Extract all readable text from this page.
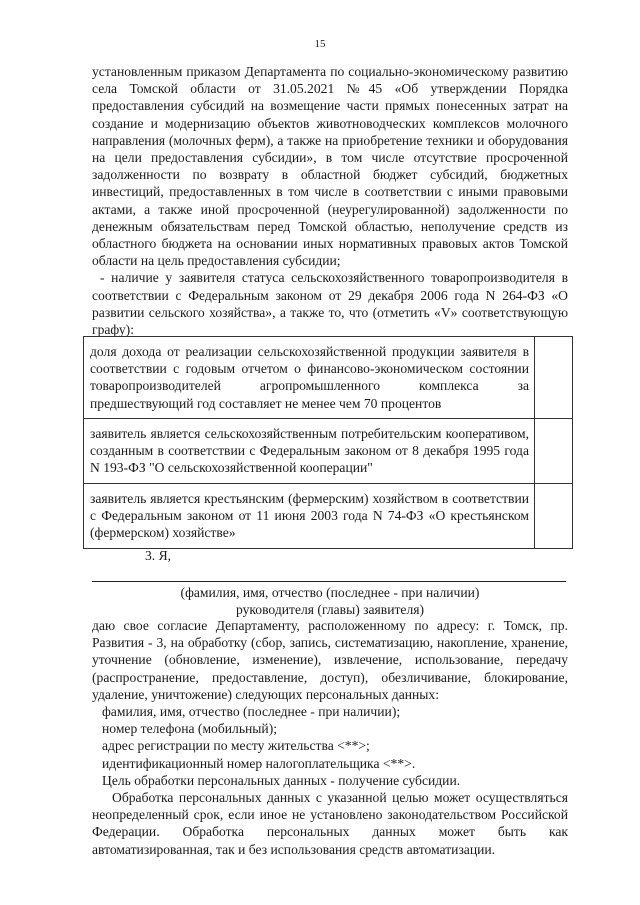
15

установленным приказом Департамента по социально-экономическому развитию села Томской области от 31.05.2021 №45 «Об утверждении Порядка предоставления субсидий на возмещение части прямых понесенных затрат на создание и модернизацию объектов животноводческих комплексов молочного направления (молочных ферм), а также на приобретение техники и оборудования на цели предоставления субсидии», в том числе отсутствие просроченной задолженности по возврату в областной бюджет субсидий, бюджетных инвестиций, предоставленных в том числе в соответствии с иными правовыми актами, а также иной просроченной (неурегулированной) задолженности по денежным обязательствам перед Томской областью, неполучение средств из областного бюджета на основании иных нормативных правовых актов Томской области на цель предоставления субсидии;

- наличие у заявителя статуса сельскохозяйственного товаропроизводителя в соответствии с Федеральным законом от 29 декабря 2006 года N 264-ФЗ «О развитии сельского хозяйства», а также то, что (отметить «V» соответствующую графу):

доля дохода от реализации сельскохозяйственной продукции заявителя в соответствии с годовым отчетом о финансово-экономическом состоянии товаропроизводителей агропромышленного комплекса за предшествующий год составляет не менее чем 70 процентов	
заявитель является сельскохозяйственным потребительским кооперативом, созданным в соответствии с Федеральным законом от 8 декабря 1995 года N 193-ФЗ "О сельскохозяйственной кооперации"	
заявитель является крестьянским (фермерским) хозяйством в соответствии с Федеральным законом от 11 июня 2003 года N 74-ФЗ «О крестьянском (фермерском) хозяйстве»	
3. Я,
(фамилия, имя, отчество (последнее - при наличии)
руководителя (главы) заявителя)

даю свое согласие Департаменту, расположенному по адресу: г. Томск, пр. Развития - 3, на обработку (сбор, запись, систематизацию, накопление, хранение, уточнение (обновление, изменение), извлечение, использование, передачу (распространение, предоставление, доступ), обезличивание, блокирование, удаление, уничтожение) следующих персональных данных:

фамилия, имя, отчество (последнее - при наличии);
номер телефона (мобильный);
адрес регистрации по месту жительства <**>;
идентификационный номер налогоплательщика <**>.
Цель обработки персональных данных - получение субсидии.

Обработка персональных данных с указанной целью может осуществляться неопределенный срок, если иное не установлено законодательством Российской Федерации. Обработка персональных данных может быть как автоматизированная, так и без использования средств автоматизации.
